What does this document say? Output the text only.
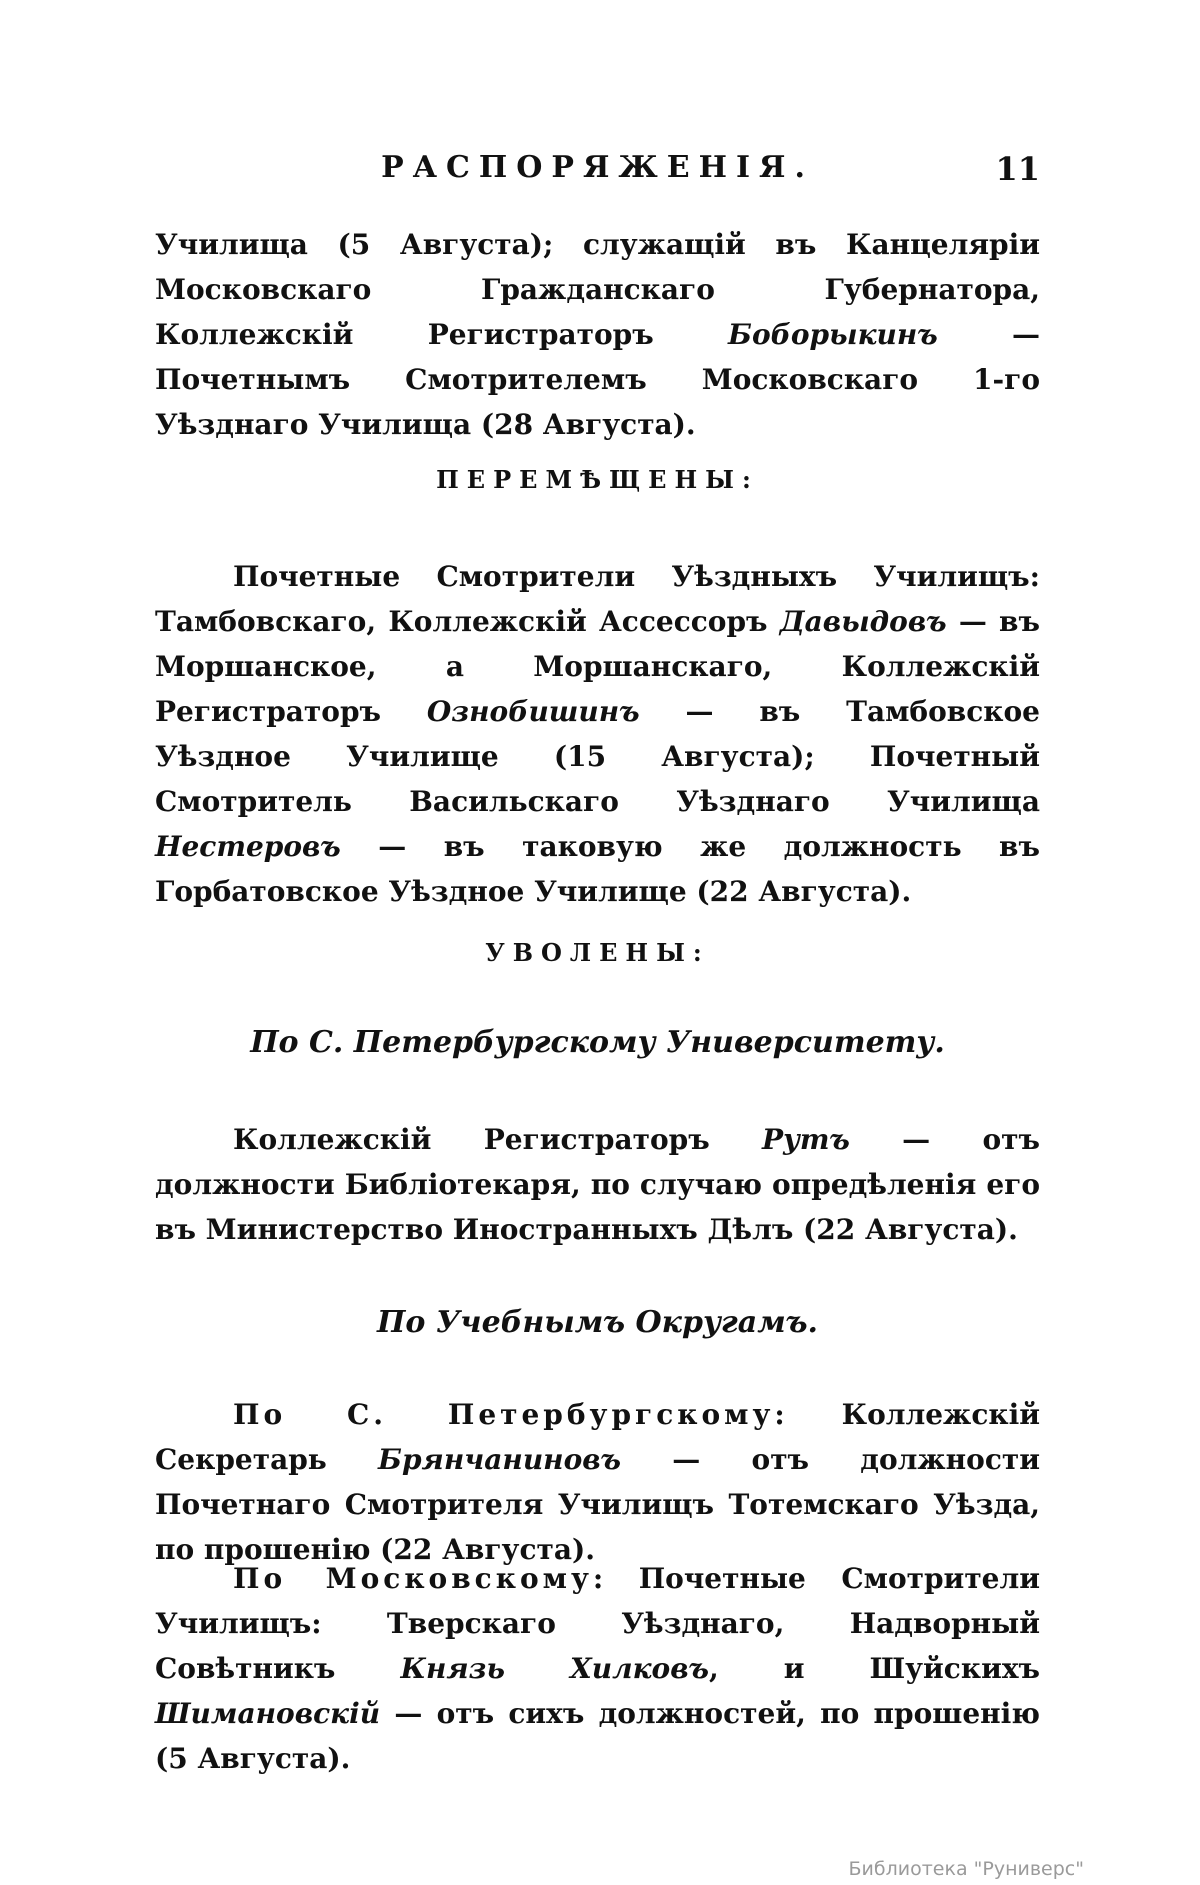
РАСПОРЯЖЕНІЯ.	11

Училища (5 Августа); служащій въ Канцеляріи Московскаго Гражданскаго Губернатора, Коллежскій Регистраторъ Боборыкинъ — Почетнымъ Смотрителемъ Московскаго 1-го Уѣзднаго Училища (28 Августа).

ПЕРЕМѢЩЕНЫ:

Почетные Смотрители Уѣздныхъ Училищъ: Тамбовскаго, Коллежскій Ассессоръ Давыдовъ — въ Моршанское, а Моршанскаго, Коллежскій Регистраторъ Ознобишинъ — въ Тамбовское Уѣздное Училище (15 Августа); Почетный Смотритель Васильскаго Уѣзднаго Училища Нестеровъ — въ таковую же должность въ Горбатовское Уѣздное Училище (22 Августа).

УВОЛЕНЫ:
По С. Петербургскому Университету.

Коллежскій Регистраторъ Рутъ — отъ должности Библіотекаря, по случаю опредѣленія его въ Министерство Иностранныхъ Дѣлъ (22 Августа).

По Учебнымъ Округамъ.

По С. Петербургскому: Коллежскій Секретарь Брянчаниновъ — отъ должности Почетнаго Смотрителя Училищъ Тотемскаго Уѣзда, по прошенію (22 Августа).

По Московскому: Почетные Смотрители Училищъ: Тверскаго Уѣзднаго, Надворный Совѣтникъ Князь Хилковъ, и Шуйскихъ Шимановскій — отъ сихъ должностей, по прошенію (5 Августа).

Библиотека "Руниверс"
